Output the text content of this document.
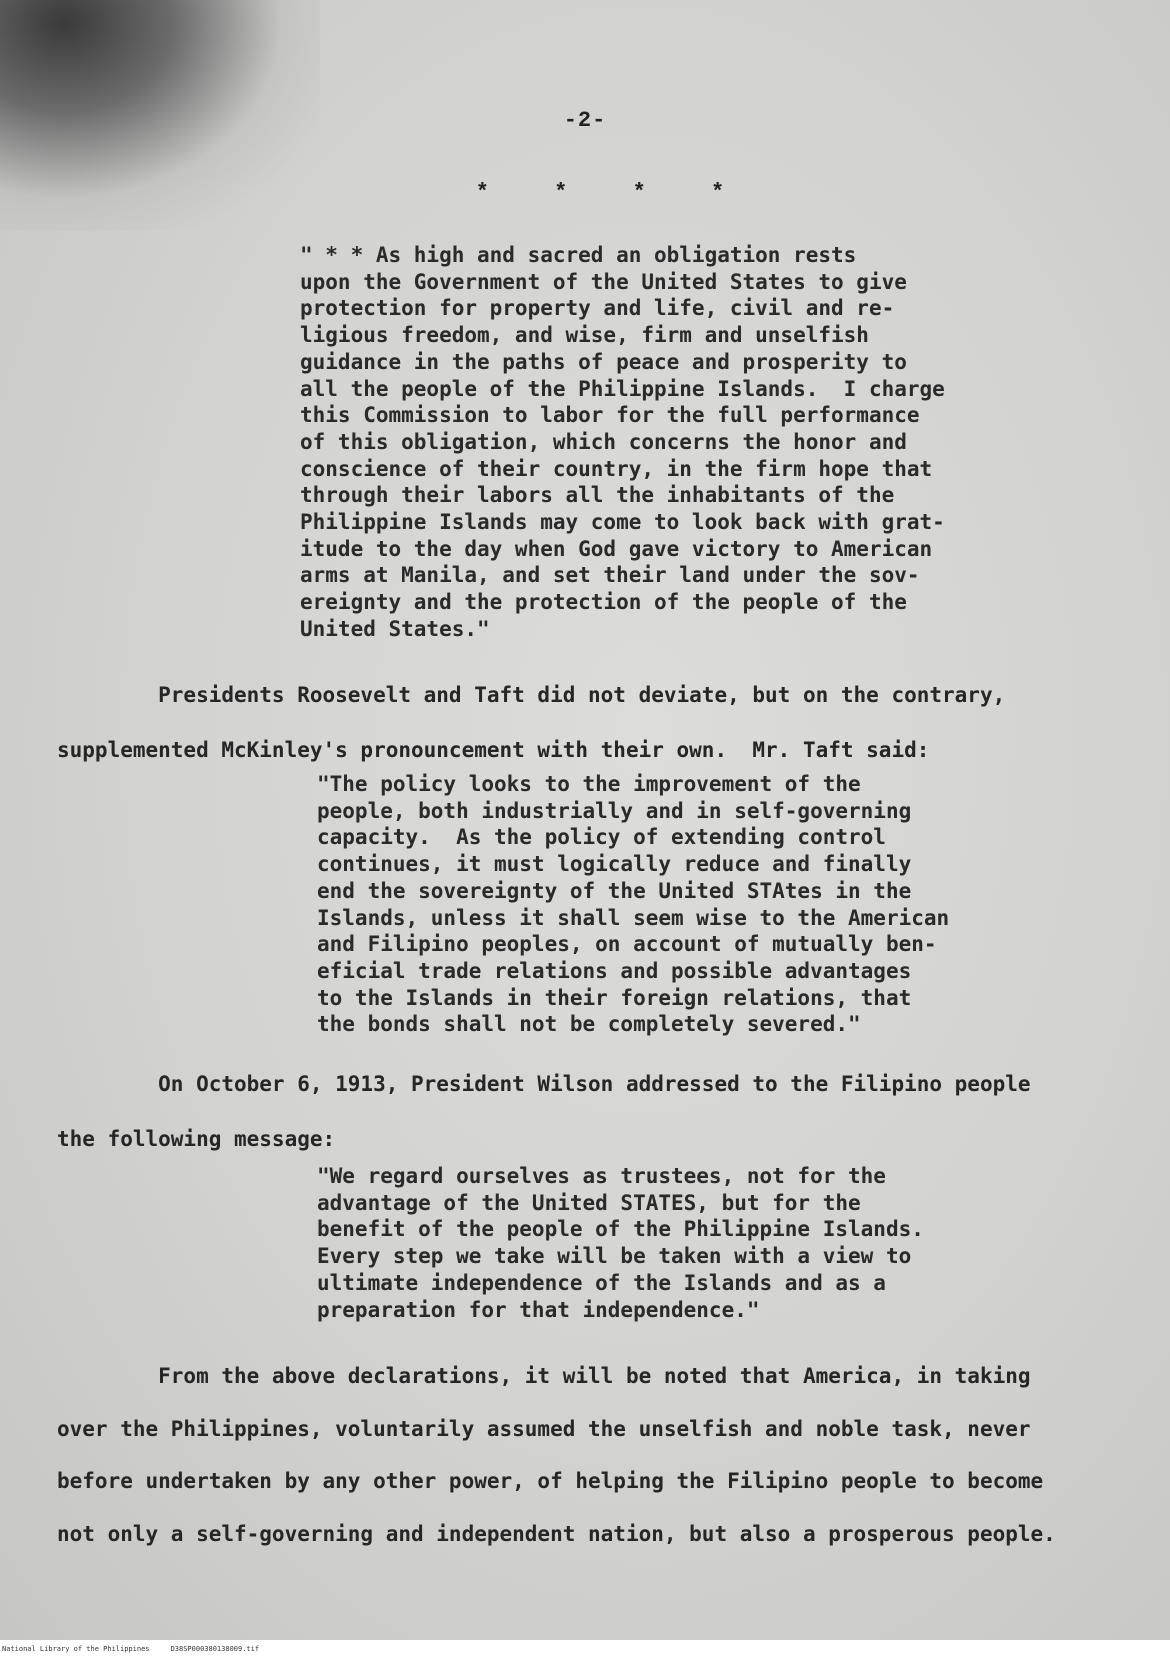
-2-
* * * *
" * * As high and sacred an obligation rests
upon the Government of the United States to give
protection for property and life, civil and re-
ligious freedom, and wise, firm and unselfish
guidance in the paths of peace and prosperity to
all the people of the Philippine Islands.  I charge
this Commission to labor for the full performance
of this obligation, which concerns the honor and
conscience of their country, in the firm hope that
through their labors all the inhabitants of the
Philippine Islands may come to look back with grat-
itude to the day when God gave victory to American
arms at Manila, and set their land under the sov-
ereignty and the protection of the people of the
United States."
Presidents Roosevelt and Taft did not deviate, but on the contrary,
supplemented McKinley's pronouncement with their own.  Mr. Taft said:
"The policy looks to the improvement of the
people, both industrially and in self-governing
capacity.  As the policy of extending control
continues, it must logically reduce and finally
end the sovereignty of the United STAtes in the
Islands, unless it shall seem wise to the American
and Filipino peoples, on account of mutually ben-
eficial trade relations and possible advantages
to the Islands in their foreign relations, that
the bonds shall not be completely severed."
On October 6, 1913, President Wilson addressed to the Filipino people
the following message:
"We regard ourselves as trustees, not for the
advantage of the United STATES, but for the
benefit of the people of the Philippine Islands.
Every step we take will be taken with a view to
ultimate independence of the Islands and as a
preparation for that independence."
From the above declarations, it will be noted that America, in taking
over the Philippines, voluntarily assumed the unselfish and noble task, never
before undertaken by any other power, of helping the Filipino people to become
not only a self-governing and independent nation, but also a prosperous people.
National Library of the Philippines     D38SP000380138009.tif
